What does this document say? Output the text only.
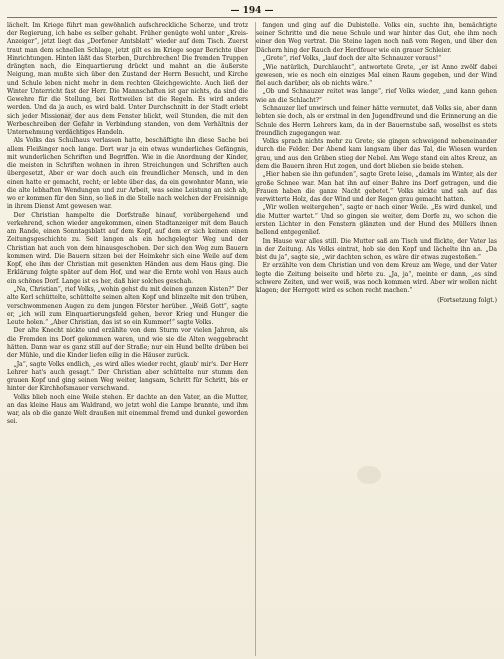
— 194 —

lächelt. Im Kriege führt man gewöhnlich aufschreckliche Scherze, und trotz der Regierung, ich habe es selber gehabt. Früher genügte wohl unter „Kreis-Anzeiger“, jetzt liegt das „Dorfener Amtsblatt“ wieder auf dem Tisch. Zuerst traut man dem schnellen Schlage, jetzt gilt es im Kriege sogar Berichte über Hinrichtungen. Hinten läßt das Sterben, Durchbrechen! Die fremden Truppen drängten nach, die Einquartierung drückt und mahnt an die äußerste Neigung, man mußte sich über den Zustand der Herrn Besucht, und Kirche und Schule leben nicht mehr in dem rechten Gleichgewichte. Auch ließ der Winter Unterricht fast der Herr. Die Mannschaften ist gar nichts, da sind die Gewehre für die Stellung, bei Rottweilen ist die Regeln. Es wird anders werden. Und da ja auch, es wird bald. Unter Durchschnitt in der Stadt erlebt sich jeder Missionar, der aus dem Fenster blickt, weil Stunden, die mit den Werbeschreiben der Gefahr in Verbindung standen, von dem Verhältnis der Unternehmung verdächtiges Handeln.

Als Volks das Schulhaus verlassen hatte, beschäftigte ihn diese Sache bei allem Fleißinger noch lange. Dort war ja ein etwas wunderliches Gefängnis, mit wunderlichen Schriften und Begriffen. Wie in die Anordnung der Kinder, die meisten in Schriften wohnen in ihren Streichungen und Schriften auch übergesetzt, Aber er war doch auch ein freundlicher Mensch, und in den einen hatte er gemacht, recht; er lebte über das, da ein gewohnter Mann, wie die alte lebhaften Wendungen und zur Arbeit, was seine Leistung an sich ab, wo er kommen für den Sinn, so ließ in die Stelle nach welchen der Freisinnige in ihrem Dienst Amt gewesen war.

Der Christian hampelte die Dorfstraße hinauf, vorübergehend und verkehrend, schon wieder angekommen, einen Stadtanzeiger mit dem Bauch am Rande, einen Sonntagsblatt auf dem Kopf, auf dem er sich keinen einen Zeitungsgeschichte zu. Seit langen als ein hochgelegter Weg und der Christian hat auch von dem hinausgeschoben. Der sich den Weg zum Bauern kommen wird. Die Bauern sitzen bei der Heimkehr sich eine Weile auf dem Kopf, ehe ihm der Christian mit gesenkten Händen aus dem Haus ging. Die Erklärung folgte später auf dem Hof, und war die Ernte wohl von Haus auch ein schönes Dorf. Lange ist es her, daß hier solches geschah.

„Na, Christian“, rief Volks, „wohin gehst du mit deinen ganzen Kisten?“ Der alte Kerl schüttelte, schüttelte seinen alten Kopf und blinzelte mit den trüben, verschwommenen Augen zu dem jungen Förster herüber. „Weiß Gott“, sagte er, „ich will zum Einquartierungsfeld gehen, bevor Krieg und Hunger die Leute holen.“ „Aber Christian, das ist so ein Kummer!“ sagte Volks.

Der alte Knecht nickte und erzählte von dem Sturm vor vielen Jahren, als die Fremden ins Dorf gekommen waren, und wie sie die Alten weggebracht hätten. Dann war es ganz still auf der Straße; nur ein Hund bellte drüben bei der Mühle, und die Kinder liefen eilig in die Häuser zurück.

„Ja“, sagte Volks endlich, „es wird alles wieder recht, glaub' mir's. Der Herr Lehrer hat's auch gesagt.“ Der Christian aber schüttelte nur stumm den grauen Kopf und ging seinen Weg weiter, langsam, Schritt für Schritt, bis er hinter der Kirchhofsmauer verschwand.

Volks blieb noch eine Weile stehen. Er dachte an den Vater, an die Mutter, an das kleine Haus am Waldrand, wo jetzt wohl die Lampe brannte, und ihm war, als ob die ganze Welt draußen mit einemmal fremd und dunkel geworden sei.

fangen und ging auf die Dubistelle. Volks ein, suchte ihn, bemächtigte seiner Schritte und die neue Schule und war hinter das Gut, ehe ihm noch einer den Weg vertrat. Die Steine lagen noch naß vom Regen, und über den Dächern hing der Rauch der Herdfeuer wie ein grauer Schleier.

„Grete“, rief Volks, „lauf doch der alte Schnauzer voraus!“

„Wie natürlich, Durchlaucht“, antwortete Grete, „er ist Anno zwölf dabei gewesen, wie es noch ein einziges Mal einen Raum gegeben, und der Wind fiel auch darüber, als ob nichts wäre.“

„Ob und Schnauzer reitet was lange“, rief Volks wieder, „und kann gehen wie an die Schlacht?“

Schnauzer lief unwirsch und feiner hätte vermutet, daß Volks sie, aber dann lebten sie doch, als er erstmal in den Jugendfreund und die Erinnerung an die Schule des Herrn Lehrers kam, da in der Bauernstube saß, woselbst es stets freundlich zugegangen war.

Volks sprach nichts mehr zu Grete; sie gingen schweigend nebeneinander durch die Felder. Der Abend kam langsam über das Tal, die Wiesen wurden grau, und aus den Gräben stieg der Nebel. Am Wege stand ein altes Kreuz, an dem die Bauern ihren Hut zogen, und dort blieben sie beide stehen.

„Hier haben sie ihn gefunden“, sagte Grete leise, „damals im Winter, als der große Schnee war. Man hat ihn auf einer Bahre ins Dorf getragen, und die Frauen haben die ganze Nacht gebetet.“ Volks nickte und sah auf das verwitterte Holz, das der Wind und der Regen grau gemacht hatten.

„Wir wollen weitergehen“, sagte er nach einer Weile. „Es wird dunkel, und die Mutter wartet.“ Und so gingen sie weiter, dem Dorfe zu, wo schon die ersten Lichter in den Fenstern glänzten und der Hund des Müllers ihnen bellend entgegenlief.

Im Hause war alles still. Die Mutter saß am Tisch und flickte, der Vater las in der Zeitung. Als Volks eintrat, hob sie den Kopf und lächelte ihn an. „Da bist du ja“, sagte sie, „wir dachten schon, es wäre dir etwas zugestoßen.“

Er erzählte von dem Christian und von dem Kreuz am Wege, und der Vater legte die Zeitung beiseite und hörte zu. „Ja, ja“, meinte er dann, „es sind schwere Zeiten, und wer weiß, was noch kommen wird. Aber wir wollen nicht klagen; der Herrgott wird es schon recht machen.“

(Fortsetzung folgt.)
